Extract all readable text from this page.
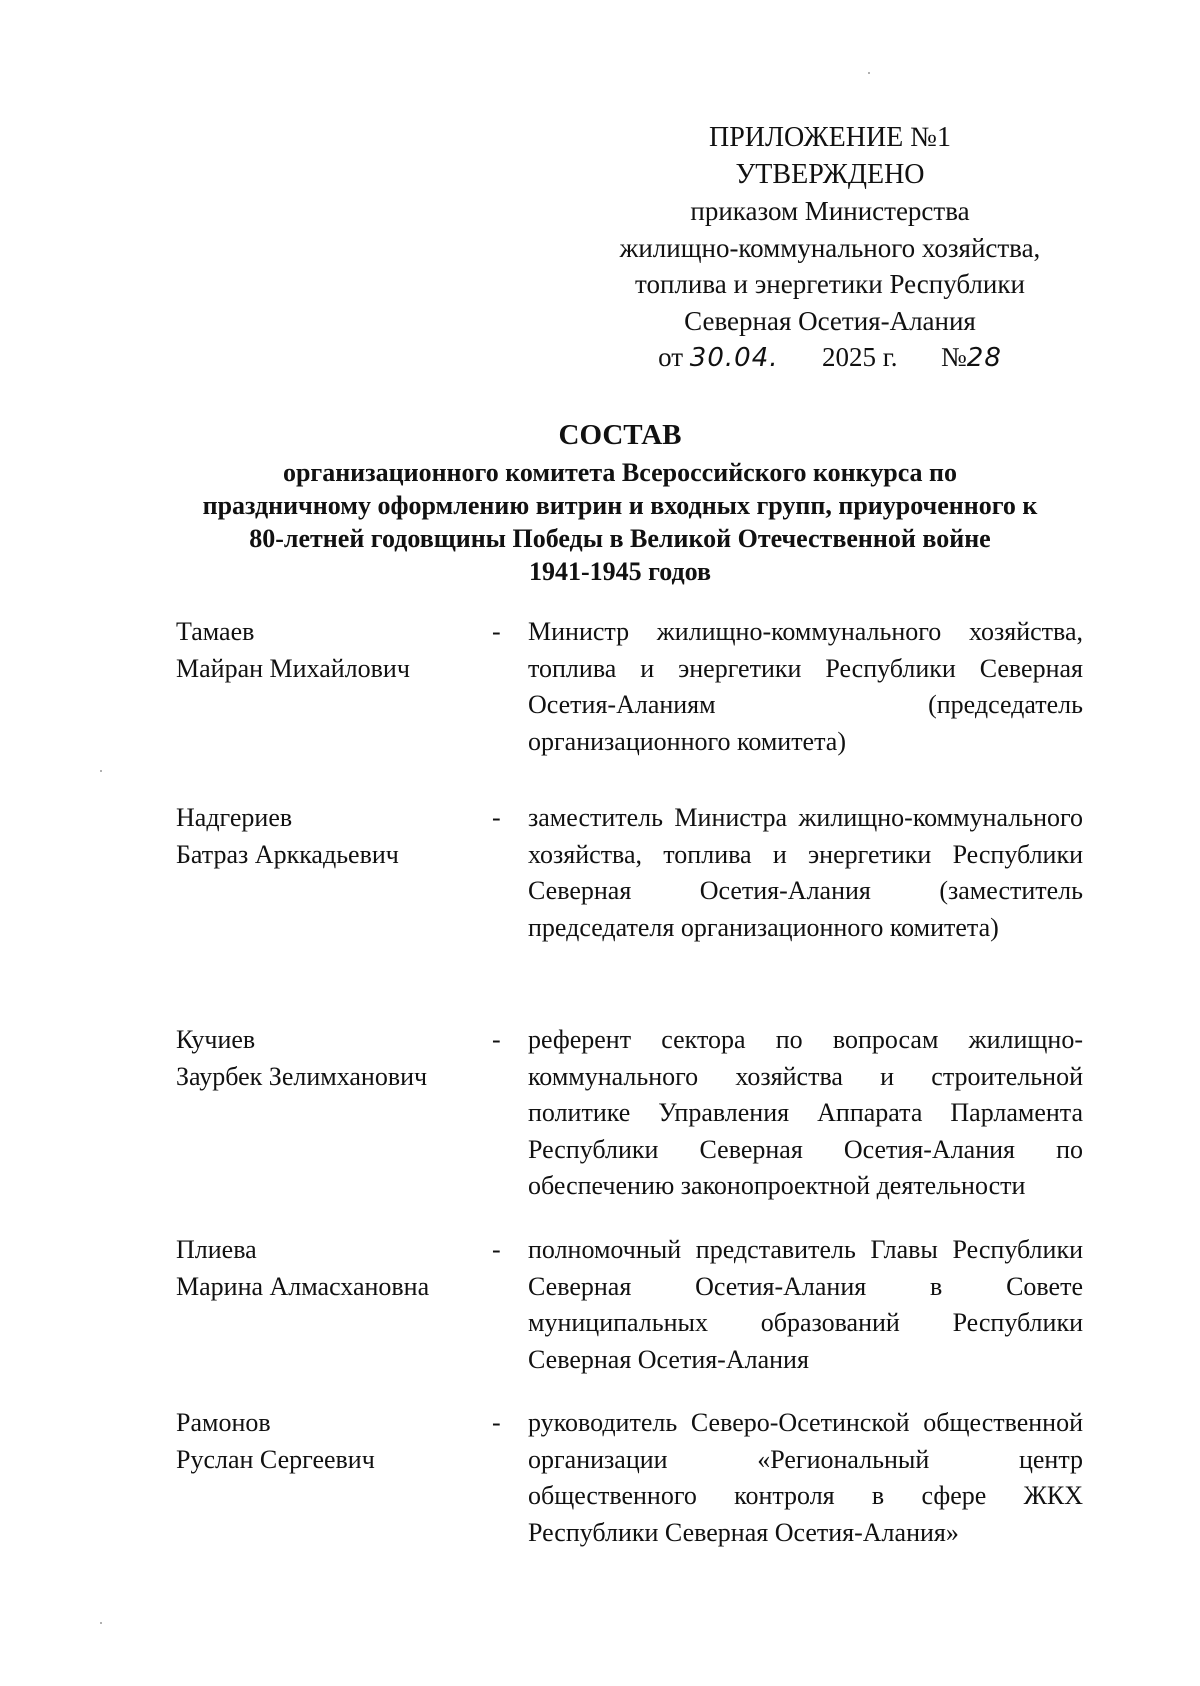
ПРИЛОЖЕНИЕ №1
УТВЕРЖДЕНО
приказом Министерства
жилищно-коммунального хозяйства,
топлива и энергетики Республики
Северная Осетия-Алания
от 30.04. 2025 г. №28
СОСТАВ
организационного комитета Всероссийского конкурса по
праздничному оформлению витрин и входных групп, приуроченного к
80-летней годовщины Победы в Великой Отечественной войне
1941-1945 годов
Тамаев
Майран Михайлович
- Министр жилищно-коммунального хозяйства, топлива и энергетики Республики Северная Осетия-Аланиям (председатель организационного комитета)
Надгериев
Батраз Арккадьевич
- заместитель Министра жилищно-коммунального хозяйства, топлива и энергетики Республики Северная Осетия-Алания (заместитель председателя организационного комитета)
Кучиев
Заурбек Зелимханович
- референт сектора по вопросам жилищно-коммунального хозяйства и строительной политике Управления Аппарата Парламента Республики Северная Осетия-Алания по обеспечению законопроектной деятельности
Плиева
Марина Алмасхановна
- полномочный представитель Главы Республики Северная Осетия-Алания в Совете муниципальных образований Республики Северная Осетия-Алания
Рамонов
Руслан Сергеевич
- руководитель Северо-Осетинской общественной организации «Региональный центр общественного контроля в сфере ЖКХ Республики Северная Осетия-Алания»
